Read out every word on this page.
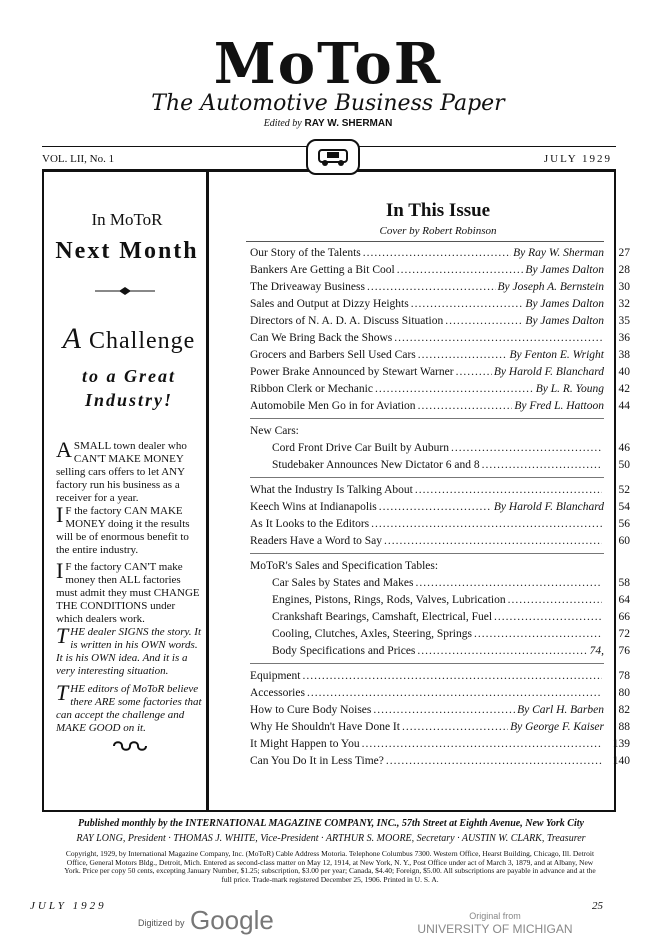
MoToR
The Automotive Business Paper
Edited by RAY W. SHERMAN
VOL. LII, No. 1	JULY 1929
In MoToR
Next Month
A Challenge
to a Great
Industry!
A SMALL town dealer who CAN'T MAKE MONEY selling cars offers to let ANY factory run his business as a receiver for a year.
I F the factory CAN MAKE MONEY doing it the results will be of enormous benefit to the entire industry.
I F the factory CAN'T make money then ALL factories must admit they must CHANGE THE CONDITIONS under which dealers work.
T HE dealer SIGNS the story. It is written in his OWN words. It is his OWN idea. And it is a very interesting situation.
T HE editors of MoToR believe there ARE some factories that can accept the challenge and MAKE GOOD on it.
In This Issue
Cover by Robert Robinson
Our Story of the Talents .....	By Ray W. Sherman	27
Bankers Are Getting a Bit Cool .....	By James Dalton	28
The Driveaway Business .....	By Joseph A. Bernstein	30
Sales and Output at Dizzy Heights .....	By James Dalton	32
Directors of N. A. D. A. Discuss Situation .....	By James Dalton	35
Can We Bring Back the Shows .....	36
Grocers and Barbers Sell Used Cars .....	By Fenton E. Wright	38
Power Brake Announced by Stewart Warner .....	By Harold F. Blanchard	40
Ribbon Clerk or Mechanic .....	By L. R. Young	42
Automobile Men Go in for Aviation .....	By Fred L. Hattoon	44
New Cars:
Cord Front Drive Car Built by Auburn .....	46
Studebaker Announces New Dictator 6 and 8 .....	50
What the Industry Is Talking About .....	52
Keech Wins at Indianapolis .....	By Harold F. Blanchard	54
As It Looks to the Editors .....	56
Readers Have a Word to Say .....	60
MoToR's Sales and Specification Tables:
Car Sales by States and Makes .....	58
Engines, Pistons, Rings, Rods, Valves, Lubrication .....	64
Crankshaft Bearings, Camshaft, Electrical, Fuel .....	66
Cooling, Clutches, Axles, Steering, Springs .....	72
Body Specifications and Prices .....	74,	76
Equipment .....	78
Accessories .....	80
How to Cure Body Noises .....	By Carl H. Barben	82
Why He Shouldn't Have Done It .....	By George F. Kaiser	88
It Might Happen to You .....	139
Can You Do It in Less Time? .....	140
Published monthly by the INTERNATIONAL MAGAZINE COMPANY, INC., 57th Street at Eighth Avenue, New York City
RAY LONG, President · THOMAS J. WHITE, Vice-President · ARTHUR S. MOORE, Secretary · AUSTIN W. CLARK, Treasurer
Copyright, 1929, by International Magazine Company, Inc. (MoToR) Cable Address Motoria. Telephone Columbus 7300. Western Office, Hearst Building, Chicago, Ill. Detroit Office, General Motors Bldg., Detroit, Mich. Entered as second-class matter on May 12, 1914, at New York, N. Y., Post Office under act of March 3, 1879, and at Albany, New York. Price per copy 50 cents, excepting January Number, $1.25; subscription, $3.00 per year; Canada, $4.40; Foreign, $5.00. All subscriptions are payable in advance and at the full price. Trade-mark registered December 25, 1906. Printed in U. S. A.
JULY 1929	25
Digitized by Google	Original from
UNIVERSITY OF MICHIGAN
